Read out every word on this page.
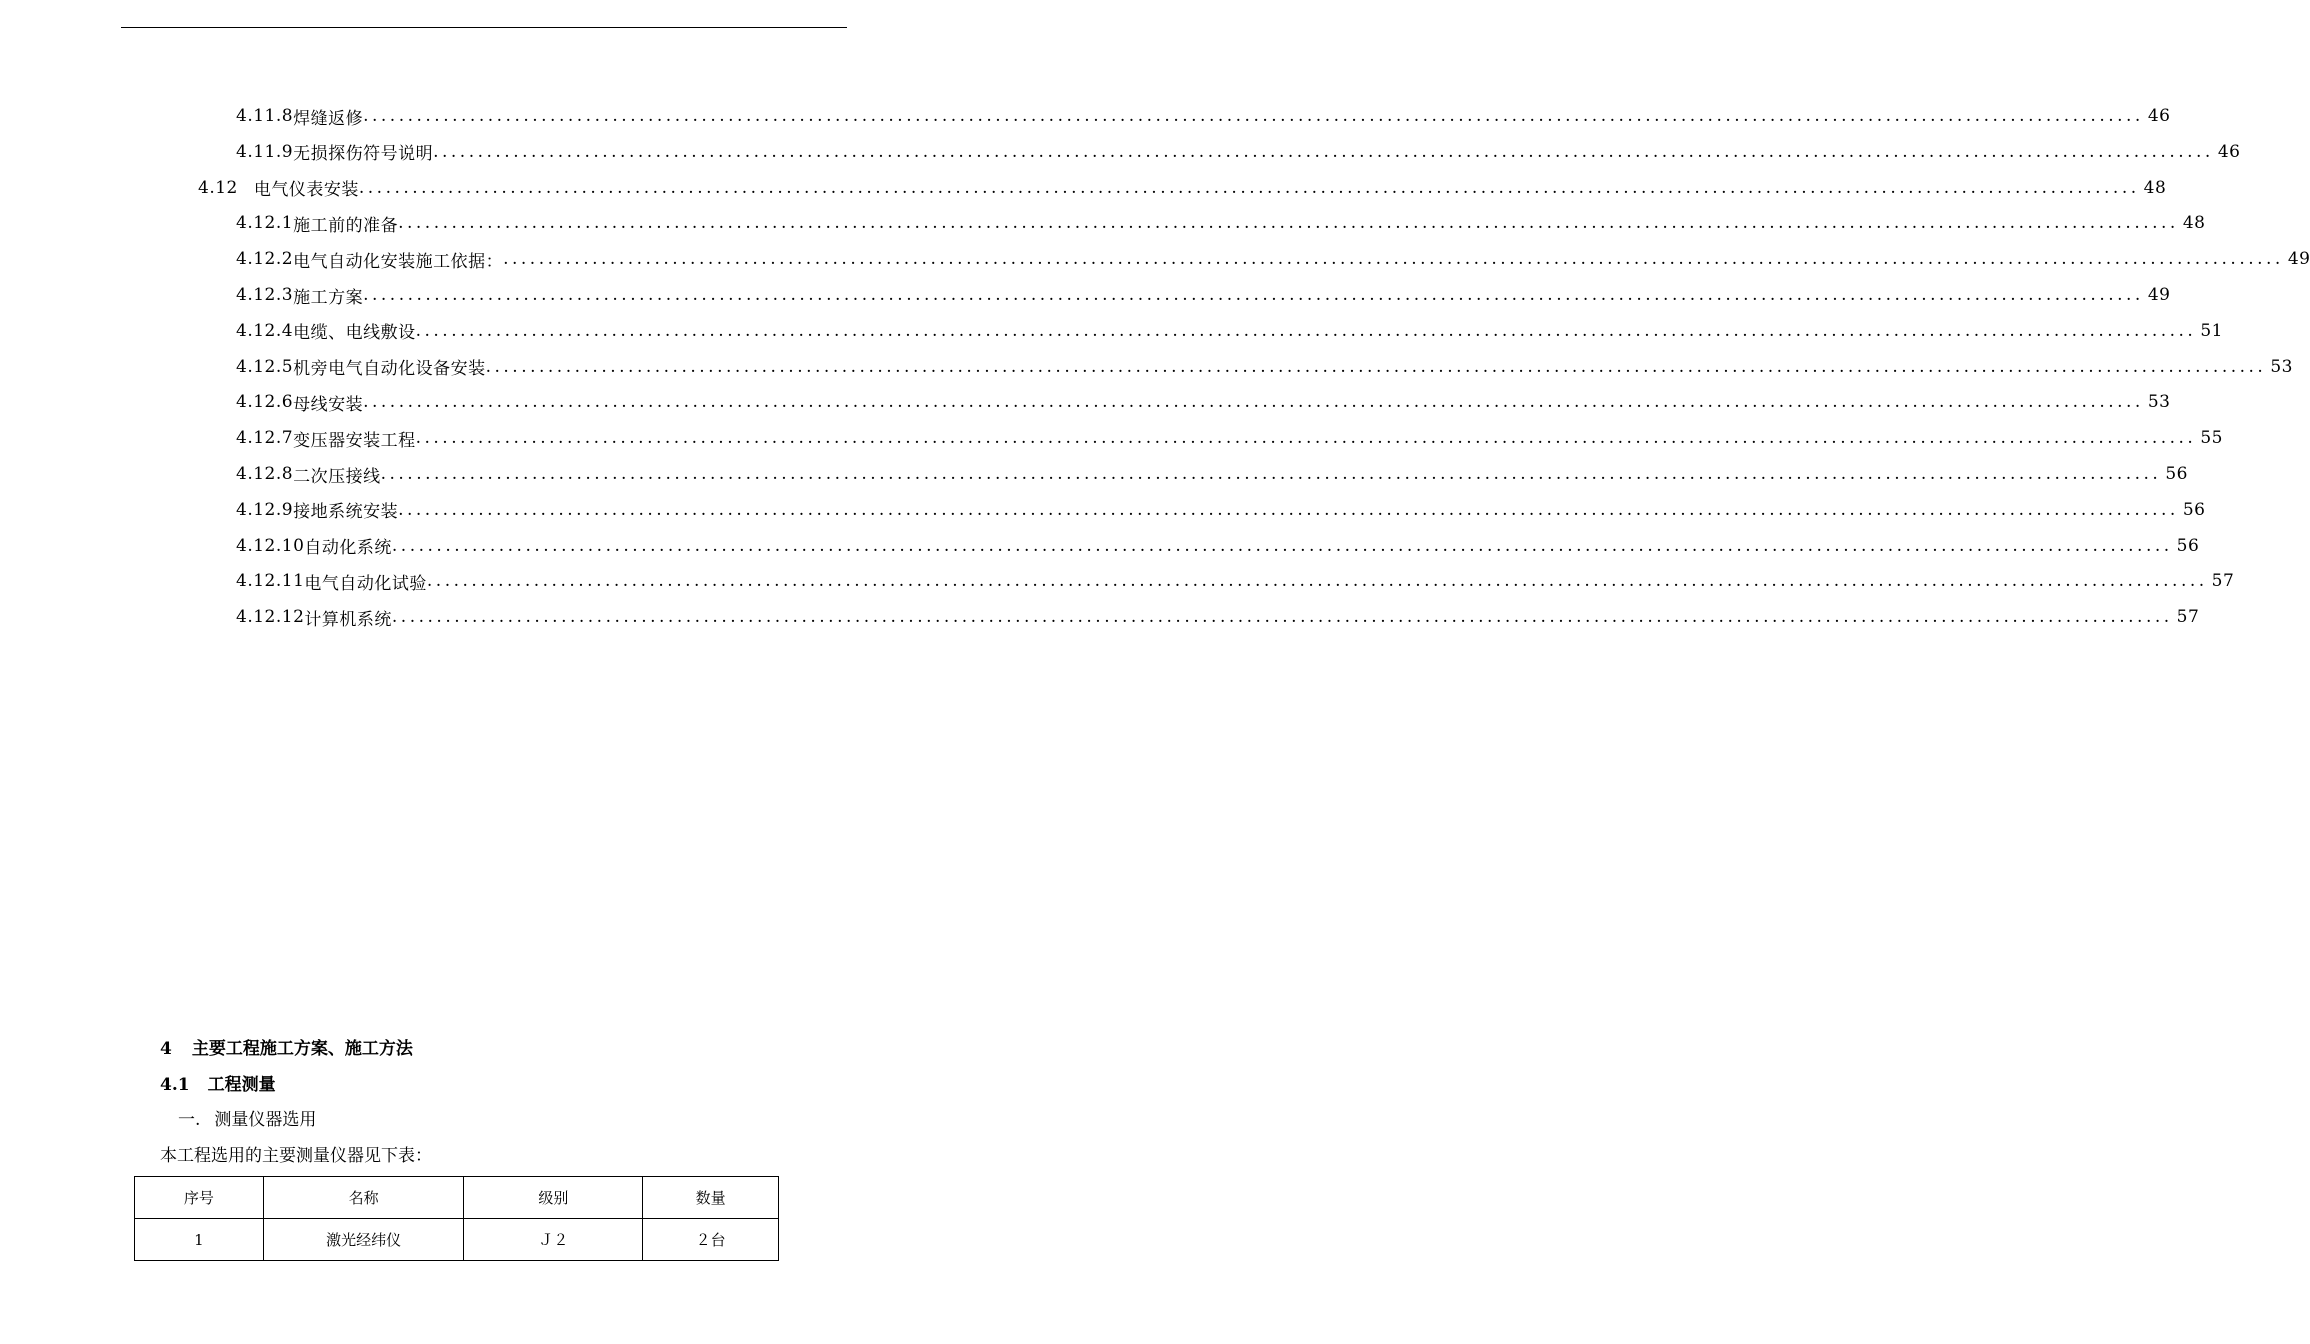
4.11.8 焊缝返修 ........................................................................................................................................................................................................ 46
4.11.9 无损探伤符号说明 ........................................................................................................................................................................................................ 46
4.12 电气仪表安装 ........................................................................................................................................................................................................ 48
4.12.1 施工前的准备 ........................................................................................................................................................................................................ 48
4.12.2 电气自动化安装施工依据： ........................................................................................................................................................................................................ 49
4.12.3 施工方案 ........................................................................................................................................................................................................ 49
4.12.4 电缆、电线敷设 ........................................................................................................................................................................................................ 51
4.12.5 机旁电气自动化设备安装 ........................................................................................................................................................................................................ 53
4.12.6 母线安装 ........................................................................................................................................................................................................ 53
4.12.7 变压器安装工程 ........................................................................................................................................................................................................ 55
4.12.8 二次压接线 ........................................................................................................................................................................................................ 56
4.12.9 接地系统安装 ........................................................................................................................................................................................................ 56
4.12.10 自动化系统 ........................................................................................................................................................................................................ 56
4.12.11 电气自动化试验 ........................................................................................................................................................................................................ 57
4.12.12 计算机系统 ........................................................................................................................................................................................................ 57
4 主要工程施工方案、施工方法
4.1 工程测量
一. 测量仪器选用
本工程选用的主要测量仪器见下表：
序号	名称	级别	数量
1	激光经纬仪	Ｊ２	２台
